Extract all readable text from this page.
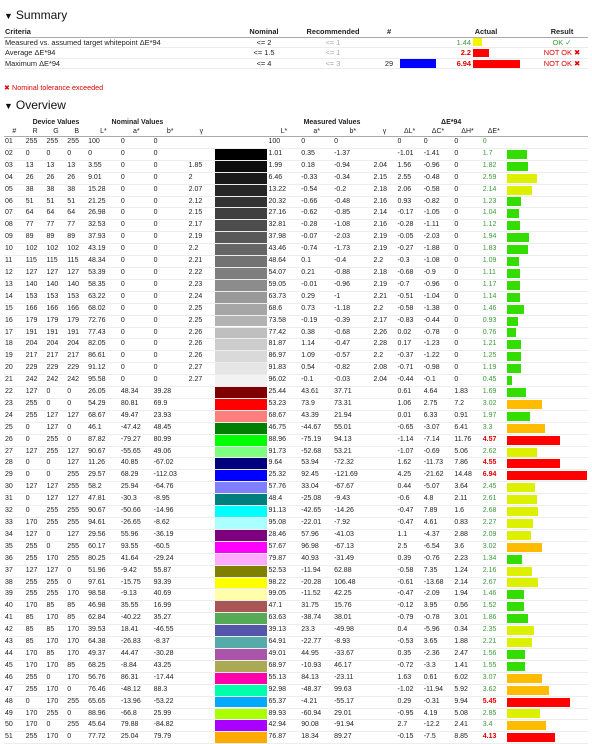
▼ Summary
Criteria	Nominal	Recommended	#		Actual		Result
Measured vs. assumed target whitepoint ΔE*94	<= 2	<= 1			1.44		OK ✓
Average ΔE*94	<= 1.5	<= 1			2.2		NOT OK ✖
Maximum ΔE*94	<= 4	<= 3	29		6.94		NOT OK ✖
✖ Nominal tolerance exceeded
▼ Overview
	Device Values			Nominal Values					Measured Values				ΔE*94				
#	R	G	B	L*	a*	b*	γ		L*	a*	b*	γ	ΔL*	ΔC*	ΔH*	ΔE*	
01	255	255	255	100	0	0			100	0	0		0	0	0	0	

02	0	0	0	0	0	0			1.01	0.35	-1.37		-1.01	-1.41	0	1.7	

03	13	13	13	3.55	0	0	1.85		1.99	0.18	-0.94	2.04	1.56	-0.96	0	1.82	

04	26	26	26	9.01	0	0	2		6.46	-0.33	-0.34	2.15	2.55	-0.48	0	2.59	

05	38	38	38	15.28	0	0	2.07		13.22	-0.54	-0.2	2.18	2.06	-0.58	0	2.14	

06	51	51	51	21.25	0	0	2.12		20.32	-0.66	-0.48	2.16	0.93	-0.82	0	1.23	

07	64	64	64	26.98	0	0	2.15		27.16	-0.62	-0.85	2.14	-0.17	-1.05	0	1.04	

08	77	77	77	32.53	0	0	2.17		32.81	-0.28	-1.08	2.16	-0.28	-1.11	0	1.12	

09	89	89	89	37.93	0	0	2.19		37.98	-0.07	-2.03	2.19	-0.05	-2.03	0	1.94	

10	102	102	102	43.19	0	0	2.2		43.46	-0.74	-1.73	2.19	-0.27	-1.88	0	1.83	

11	115	115	115	48.34	0	0	2.21		48.64	0.1	-0.4	2.2	-0.3	-1.08	0	1.09	

12	127	127	127	53.39	0	0	2.22		54.07	0.21	-0.88	2.18	-0.68	-0.9	0	1.11	

13	140	140	140	58.35	0	0	2.23		59.05	-0.01	-0.96	2.19	-0.7	-0.96	0	1.17	

14	153	153	153	63.22	0	0	2.24		63.73	0.29	-1	2.21	-0.51	-1.04	0	1.14	

15	166	166	166	68.02	0	0	2.25		68.6	0.73	-1.18	2.2	-0.58	-1.38	0	1.46	

16	179	179	179	72.76	0	0	2.25		73.58	-0.19	-0.39	2.17	-0.83	-0.44	0	0.93	

17	191	191	191	77.43	0	0	2.26		77.42	0.38	-0.68	2.26	0.02	-0.78	0	0.76	

18	204	204	204	82.05	0	0	2.26		81.87	1.14	-0.47	2.28	0.17	-1.23	0	1.21	

19	217	217	217	86.61	0	0	2.26		86.97	1.09	-0.57	2.2	-0.37	-1.22	0	1.25	

20	229	229	229	91.12	0	0	2.27		91.83	0.54	-0.82	2.08	-0.71	-0.98	0	1.19	

21	242	242	242	95.58	0	0	2.27		96.02	-0.1	-0.03	2.04	-0.44	-0.1	0	0.45	

22	127	0	0	26.05	48.34	39.28			25.44	43.61	37.71		0.61	4.64	1.83	1.69	

23	255	0	0	54.29	80.81	69.9			53.23	73.9	73.31		1.06	2.75	7.2	3.02	

24	255	127	127	68.67	49.47	23.93			68.67	43.39	21.94		0.01	6.33	0.91	1.97	

25	0	127	0	46.1	-47.42	48.45			46.75	-44.67	55.01		-0.65	-3.07	6.41	3.3	

26	0	255	0	87.82	-79.27	80.99			88.96	-75.19	94.13		-1.14	-7.14	11.76	4.57	

27	127	255	127	90.67	-55.65	49.06			91.73	-52.68	53.21		-1.07	-0.69	5.06	2.62	

28	0	0	127	11.26	40.85	-67.02			9.64	53.94	-72.32		1.62	-11.73	7.86	4.55	

29	0	0	255	29.57	68.29	-112.03			25.32	92.45	-121.69		4.25	-21.62	14.48	6.94	

30	127	127	255	58.2	25.94	-64.76			57.76	33.04	-67.67		0.44	-5.07	3.64	2.45	

31	0	127	127	47.81	-30.3	-8.95			48.4	-25.08	-9.43		-0.6	4.8	2.11	2.61	

32	0	255	255	90.67	-50.66	-14.96			91.13	-42.65	-14.26		-0.47	7.89	1.6	2.68	

33	170	255	255	94.61	-26.65	-8.62			95.08	-22.01	-7.92		-0.47	4.61	0.83	2.27	

34	127	0	127	29.56	55.96	-36.19			28.46	57.96	-41.03		1.1	-4.37	2.88	2.09	

35	255	0	255	60.17	93.55	-60.5			57.67	96.98	-67.13		2.5	-6.54	3.6	3.02	

36	255	170	255	80.25	41.64	-29.24			79.87	40.93	-31.49		0.39	-0.76	2.23	1.34	

37	127	127	0	51.96	-9.42	55.87			52.53	-11.94	62.88		-0.58	7.35	1.24	2.16	

38	255	255	0	97.61	-15.75	93.39			98.22	-20.28	106.48		-0.61	-13.68	2.14	2.67	

39	255	255	170	98.58	-9.13	40.69			99.05	-11.52	42.25		-0.47	-2.09	1.94	1.46	

40	170	85	85	46.98	35.55	16.99			47.1	31.75	15.76		-0.12	3.95	0.56	1.52	

41	85	170	85	62.84	-40.22	35.27			63.63	-38.74	38.01		-0.79	-0.78	3.01	1.86	

42	85	85	170	39.53	18.41	-46.55			39.13	23.3	-49.98		0.4	-5.96	0.34	2.35	

43	85	170	170	64.38	-26.83	-8.37			64.91	-22.77	-8.93		-0.53	3.65	1.88	2.21	

44	170	85	170	49.37	44.47	-30.28			49.01	44.95	-33.67		0.35	-2.36	2.47	1.56	

45	170	170	85	68.25	-8.84	43.25			68.97	-10.93	46.17		-0.72	-3.3	1.41	1.55	

46	255	0	170	56.76	86.31	-17.44			55.13	84.13	-23.11		1.63	0.61	6.02	3.07	

47	255	170	0	76.46	-48.12	88.3			92.98	-48.37	99.63		-1.02	-11.94	5.92	3.62	

48	0	170	255	65.65	-13.96	-53.22			65.37	-4.21	-55.17		0.29	-0.31	9.94	5.45	

49	170	255	0	88.96	-66.8	25.99			89.93	-60.94	29.01		-0.95	4.19	5.08	2.85	

50	170	0	255	45.64	79.88	-84.82			42.94	90.08	-91.94		2.7	-12.2	2.41	3.4	

51	255	170	0	77.72	25.04	79.79			76.87	18.34	89.27		-0.15	-7.5	8.85	4.13	
